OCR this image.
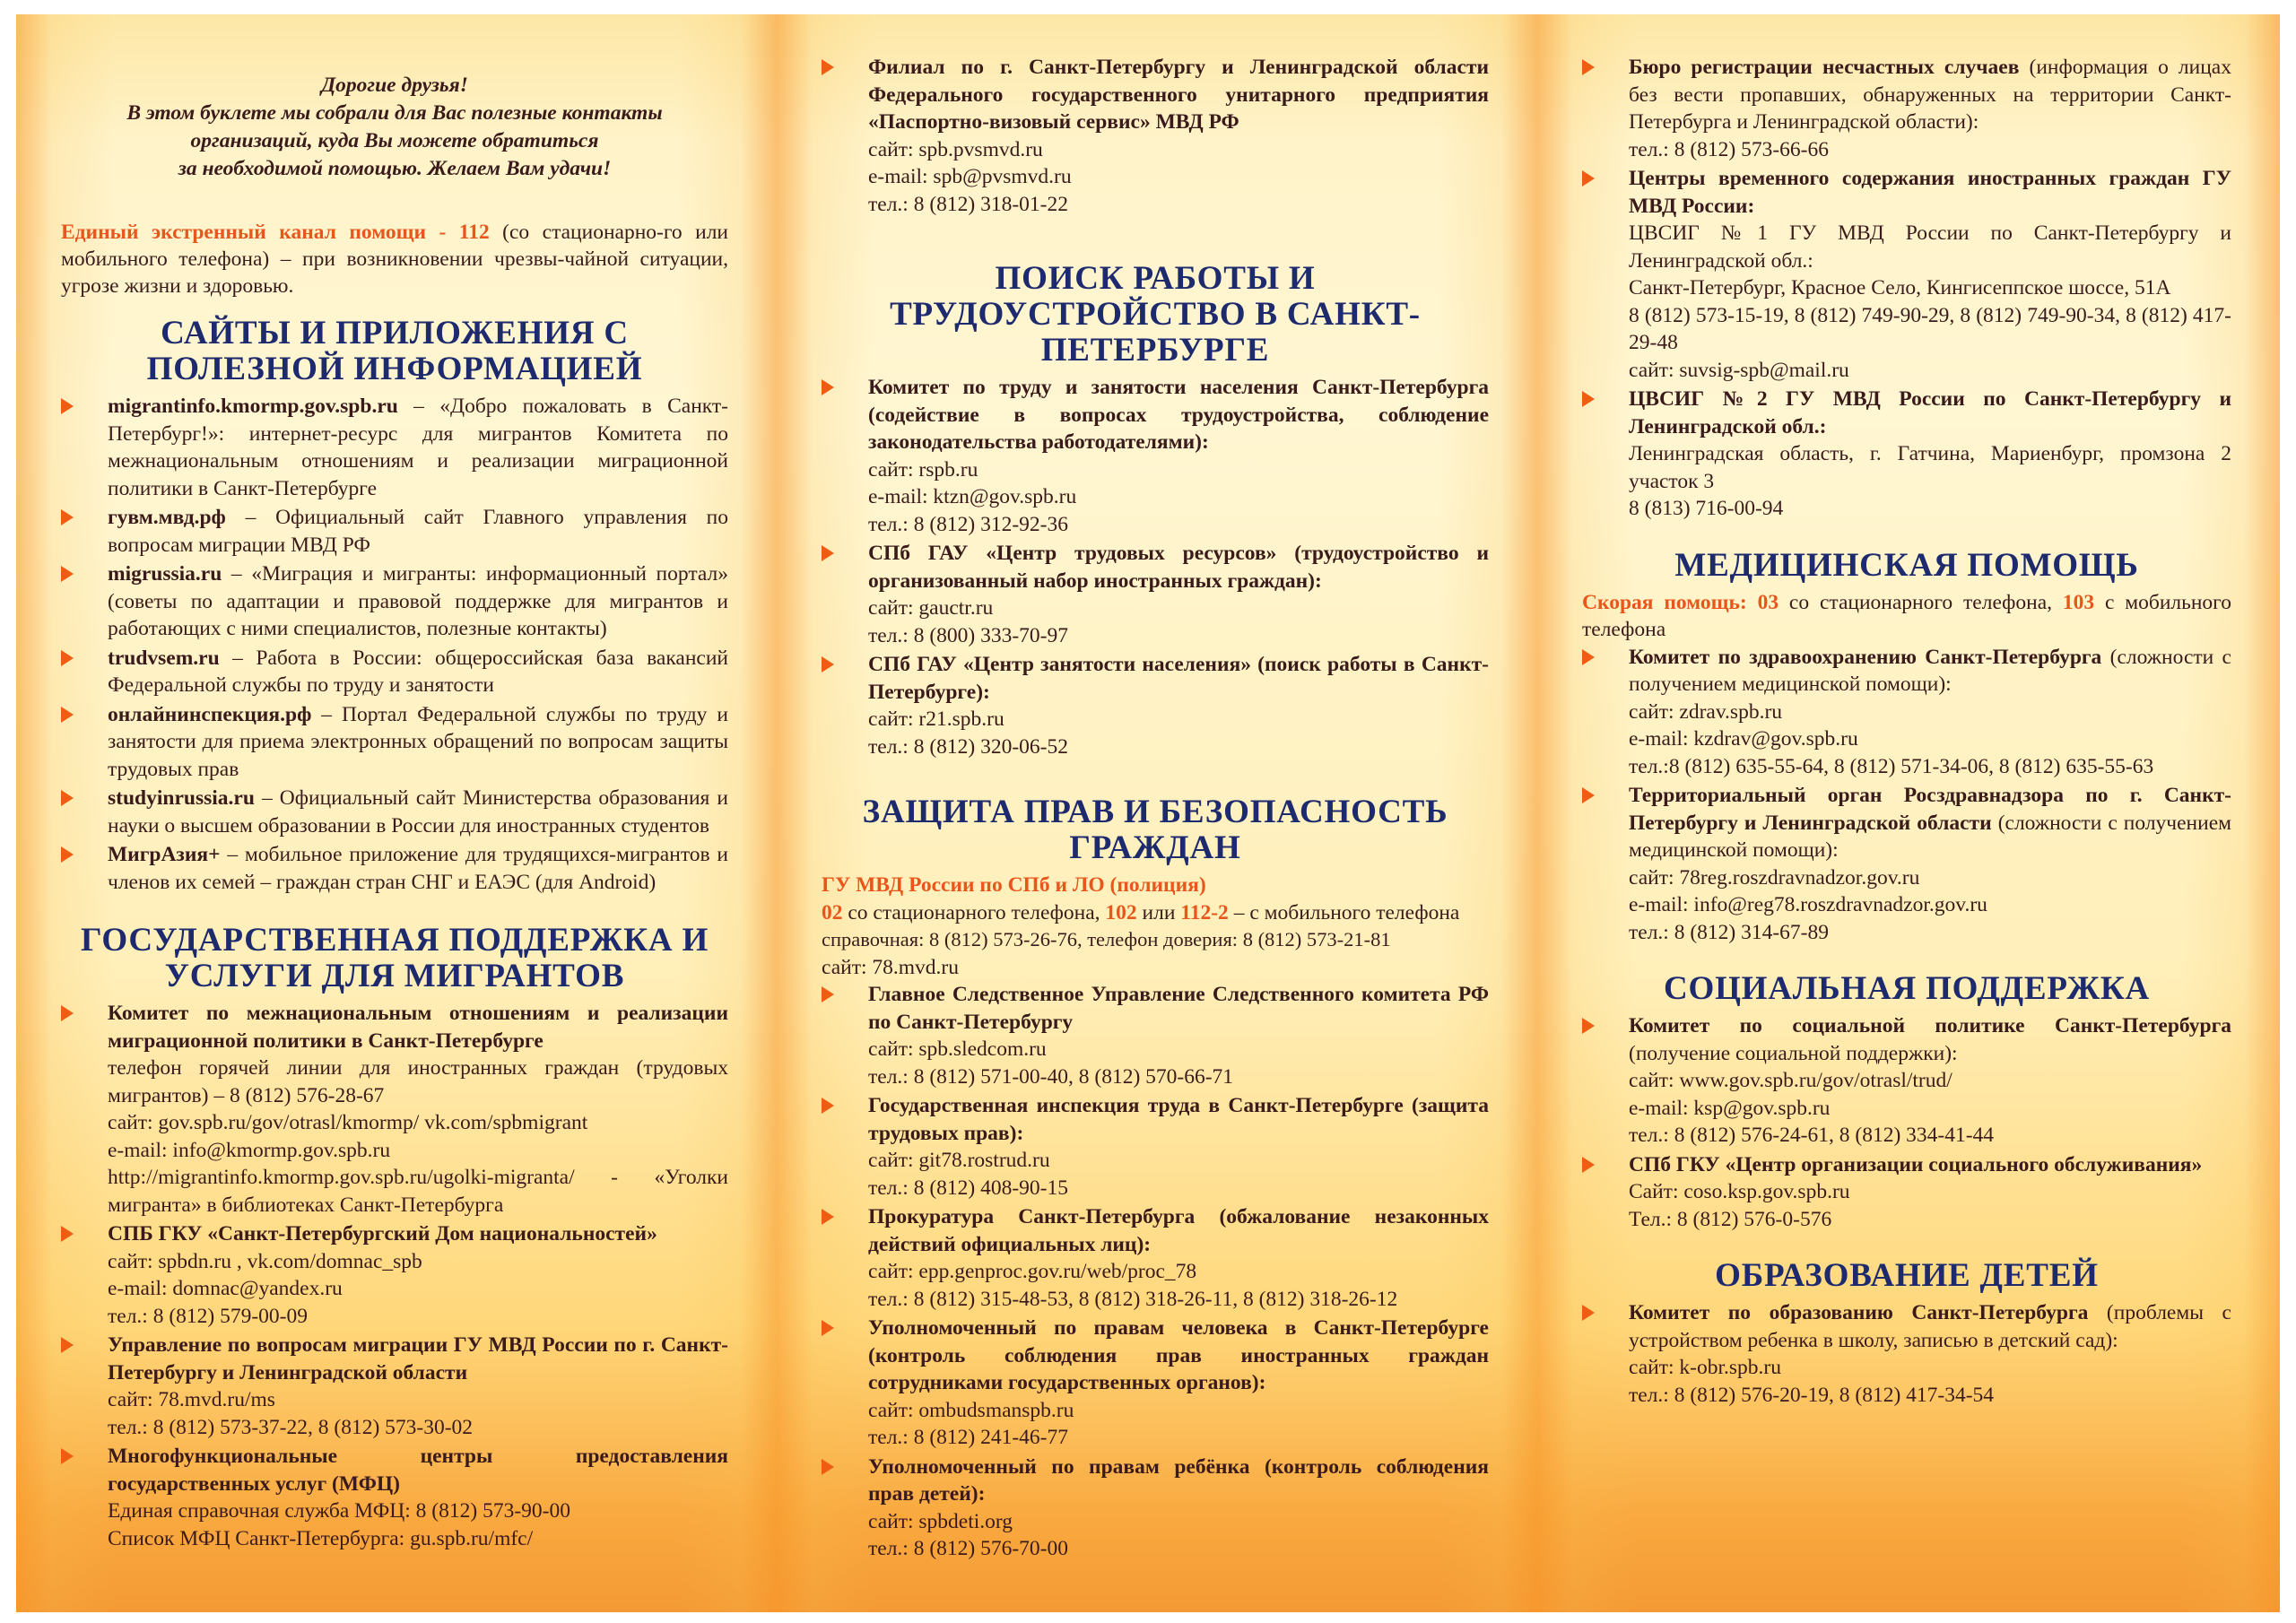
Дорогие друзья!
В этом буклете мы собрали для Вас полезные контакты
организаций, куда Вы можете обратиться
за необходимой помощью. Желаем Вам удачи!
Единый экстренный канал помощи - 112 (со стационарно-го или мобильного телефона) – при возникновении чрезвы-чайной ситуации, угрозе жизни и здоровью.
САЙТЫ И ПРИЛОЖЕНИЯ С ПОЛЕЗНОЙ ИНФОРМАЦИЕЙ
migrantinfo.kmormp.gov.spb.ru – «Добро пожаловать в Санкт-Петербург!»: интернет-ресурс для мигрантов Комитета по межнациональным отношениям и реализации миграционной политики в Санкт-Петербурге
гувм.мвд.рф – Официальный сайт Главного управления по вопросам миграции МВД РФ
migrussia.ru – «Миграция и мигранты: информационный портал» (советы по адаптации и правовой поддержке для мигрантов и работающих с ними специалистов, полезные контакты)
trudvsem.ru – Работа в России: общероссийская база вакансий Федеральной службы по труду и занятости
онлайнинспекция.рф – Портал Федеральной службы по труду и занятости для приема электронных обращений по вопросам защиты трудовых прав
studyinrussia.ru – Официальный сайт Министерства образования и науки о высшем образовании в России для иностранных студентов
МигрАзия+ – мобильное приложение для трудящихся-мигрантов и членов их семей – граждан стран СНГ и ЕАЭС (для Android)
ГОСУДАРСТВЕННАЯ ПОДДЕРЖКА И УСЛУГИ ДЛЯ МИГРАНТОВ
Комитет по межнациональным отношениям и реализации миграционной политики в Санкт-Петербурге
телефон горячей линии для иностранных граждан (трудовых мигрантов) – 8 (812) 576-28-67
сайт: gov.spb.ru/gov/otrasl/kmormp/ vk.com/spbmigrant
e-mail: info@kmormp.gov.spb.ru
http://migrantinfo.kmormp.gov.spb.ru/ugolki-migranta/ - «Уголки мигранта» в библиотеках Санкт-Петербурга
СПБ ГКУ «Санкт-Петербургский Дом национальностей»
сайт: spbdn.ru , vk.com/domnac_spb
e-mail: domnac@yandex.ru
тел.: 8 (812) 579-00-09
Управление по вопросам миграции ГУ МВД России по г. Санкт-Петербургу и Ленинградской области
сайт: 78.mvd.ru/ms
тел.: 8 (812) 573-37-22, 8 (812) 573-30-02
Многофункциональные центры предоставления государственных услуг (МФЦ)
Единая справочная служба МФЦ: 8 (812) 573-90-00
Список МФЦ Санкт-Петербурга: gu.spb.ru/mfc/
Филиал по г. Санкт-Петербургу и Ленинградской области Федерального государственного унитарного предприятия «Паспортно-визовый сервис» МВД РФ
сайт: spb.pvsmvd.ru
e-mail: spb@pvsmvd.ru
тел.: 8 (812) 318-01-22
ПОИСК РАБОТЫ И ТРУДОУСТРОЙСТВО В САНКТ-ПЕТЕРБУРГЕ
Комитет по труду и занятости населения Санкт-Петербурга (содействие в вопросах трудоустройства, соблюдение законодательства работодателями):
сайт: rspb.ru
e-mail: ktzn@gov.spb.ru
тел.: 8 (812) 312-92-36
СПб ГАУ «Центр трудовых ресурсов» (трудоустройство и организованный набор иностранных граждан):
сайт: gauctr.ru
тел.: 8 (800) 333-70-97
СПб ГАУ «Центр занятости населения» (поиск работы в Санкт-Петербурге):
сайт: r21.spb.ru
тел.: 8 (812) 320-06-52
ЗАЩИТА ПРАВ И БЕЗОПАСНОСТЬ ГРАЖДАН
ГУ МВД России по СПб и ЛО (полиция)
02 со стационарного телефона, 102 или 112-2 – с мобильного телефона
справочная: 8 (812) 573-26-76, телефон доверия: 8 (812) 573-21-81
сайт: 78.mvd.ru
Главное Следственное Управление Следственного комитета РФ по Санкт-Петербургу
сайт: spb.sledcom.ru
тел.: 8 (812) 571-00-40, 8 (812) 570-66-71
Государственная инспекция труда в Санкт-Петербурге (защита трудовых прав):
сайт: git78.rostrud.ru
тел.: 8 (812) 408-90-15
Прокуратура Санкт-Петербурга (обжалование незаконных действий официальных лиц):
сайт: epp.genproc.gov.ru/web/proc_78
тел.: 8 (812) 315-48-53, 8 (812) 318-26-11, 8 (812) 318-26-12
Уполномоченный по правам человека в Санкт-Петербурге (контроль соблюдения прав иностранных граждан сотрудниками государственных органов):
сайт: ombudsmanspb.ru
тел.: 8 (812) 241-46-77
Уполномоченный по правам ребёнка (контроль соблюдения прав детей):
сайт: spbdeti.org
тел.: 8 (812) 576-70-00
Бюро регистрации несчастных случаев (информация о лицах без вести пропавших, обнаруженных на территории Санкт-Петербурга и Ленинградской области):
тел.: 8 (812) 573-66-66
Центры временного содержания иностранных граждан ГУ МВД России:
ЦВСИГ №1 ГУ МВД России по Санкт-Петербургу и Ленинградской обл.:
Санкт-Петербург, Красное Село, Кингисеппское шоссе, 51А
8 (812) 573-15-19, 8 (812) 749-90-29, 8 (812) 749-90-34, 8 (812) 417-29-48
сайт: suvsig-spb@mail.ru
ЦВСИГ №2 ГУ МВД России по Санкт-Петербургу и Ленинградской обл.:
Ленинградская область, г. Гатчина, Мариенбург, промзона 2 участок 3
8 (813) 716-00-94
МЕДИЦИНСКАЯ ПОМОЩЬ
Скорая помощь: 03 со стационарного телефона, 103 с мобильного телефона
Комитет по здравоохранению Санкт-Петербурга (сложности с получением медицинской помощи):
сайт: zdrav.spb.ru
e-mail: kzdrav@gov.spb.ru
тел.:8 (812) 635-55-64, 8 (812) 571-34-06, 8 (812) 635-55-63
Территориальный орган Росздравнадзора по г. Санкт-Петербургу и Ленинградской области (сложности с получением медицинской помощи):
сайт: 78reg.roszdravnadzor.gov.ru
e-mail: info@reg78.roszdravnadzor.gov.ru
тел.: 8 (812) 314-67-89
СОЦИАЛЬНАЯ ПОДДЕРЖКА
Комитет по социальной политике Санкт-Петербурга (получение социальной поддержки):
сайт: www.gov.spb.ru/gov/otrasl/trud/
e-mail: ksp@gov.spb.ru
тел.: 8 (812) 576-24-61, 8 (812) 334-41-44
СПб ГКУ «Центр организации социального обслуживания»
Сайт: coso.ksp.gov.spb.ru
Тел.: 8 (812) 576-0-576
ОБРАЗОВАНИЕ ДЕТЕЙ
Комитет по образованию Санкт-Петербурга (проблемы с устройством ребенка в школу, записью в детский сад):
сайт: k-obr.spb.ru
тел.: 8 (812) 576-20-19, 8 (812) 417-34-54
